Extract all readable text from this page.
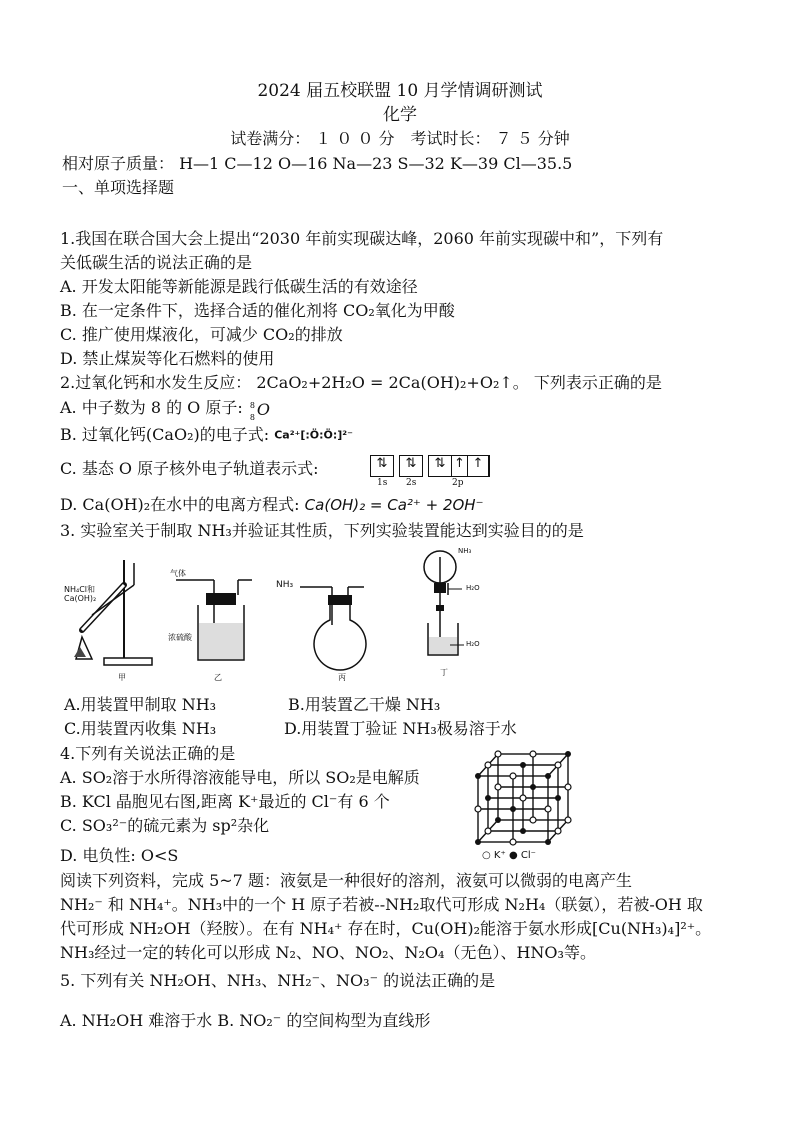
2024 届五校联盟 10 月学情调研测试
化学
试卷满分： １ ０ ０ 分　考试时长： ７ ５ 分钟
相对原子质量： H—1 C—12 O—16 Na—23 S—32 K—39 Cl—35.5
一、单项选择题
1.我国在联合国大会上提出“2030 年前实现碳达峰，2060 年前实现碳中和”，下列有
关低碳生活的说法正确的是
A. 开发太阳能等新能源是践行低碳生活的有效途径
B. 在一定条件下，选择合适的催化剂将 CO₂氧化为甲酸
C. 推广使用煤液化，可减少 CO₂的排放
D. 禁止煤炭等化石燃料的使用
2.过氧化钙和水发生反应： 2CaO₂+2H₂O = 2Ca(OH)₂+O₂↑。 下列表示正确的是
A. 中子数为 8 的 O 原子: 8
8 O
B. 过氧化钙(CaO₂)的电子式: Ca²⁺[:Ö:Ö:]²⁻
C. 基态 O 原子核外电子轨道表示式:	⇅	⇅	⇅ ↑ ↑
1s 2s	2p
D. Ca(OH)₂在水中的电离方程式: Ca(OH)₂ = Ca²⁺ + 2OH⁻
3. 实验室关于制取 NH₃并验证其性质，下列实验装置能达到实验目的的是
NH₄Cl和
Ca(OH)₂
甲
气体
浓硫酸
乙
NH₃
丙
NH₃
H₂O
H₂O
丁
A.用装置甲制取 NH₃	B.用装置乙干燥 NH₃
C.用装置丙收集 NH₃	D.用装置丁验证 NH₃极易溶于水
4.下列有关说法正确的是
A. SO₂溶于水所得溶液能导电，所以 SO₂是电解质
B. KCl 晶胞见右图,距离 K⁺最近的 Cl⁻有 6 个
C. SO₃²⁻的硫元素为 sp²杂化
D. 电负性: O<S	○ K⁺ ● Cl⁻
阅读下列资料，完成 5~7 题：液氨是一种很好的溶剂，液氨可以微弱的电离产生
NH₂⁻ 和 NH₄⁺。NH₃中的一个 H 原子若被--NH₂取代可形成 N₂H₄（联氨），若被-OH 取
代可形成 NH₂OH（羟胺）。在有 NH₄⁺ 存在时，Cu(OH)₂能溶于氨水形成[Cu(NH₃)₄]²⁺。
NH₃经过一定的转化可以形成 N₂、NO、NO₂、N₂O₄（无色）、HNO₃等。
5. 下列有关 NH₂OH、NH₃、NH₂⁻、NO₃⁻ 的说法正确的是
A. NH₂OH 难溶于水 B. NO₂⁻ 的空间构型为直线形
